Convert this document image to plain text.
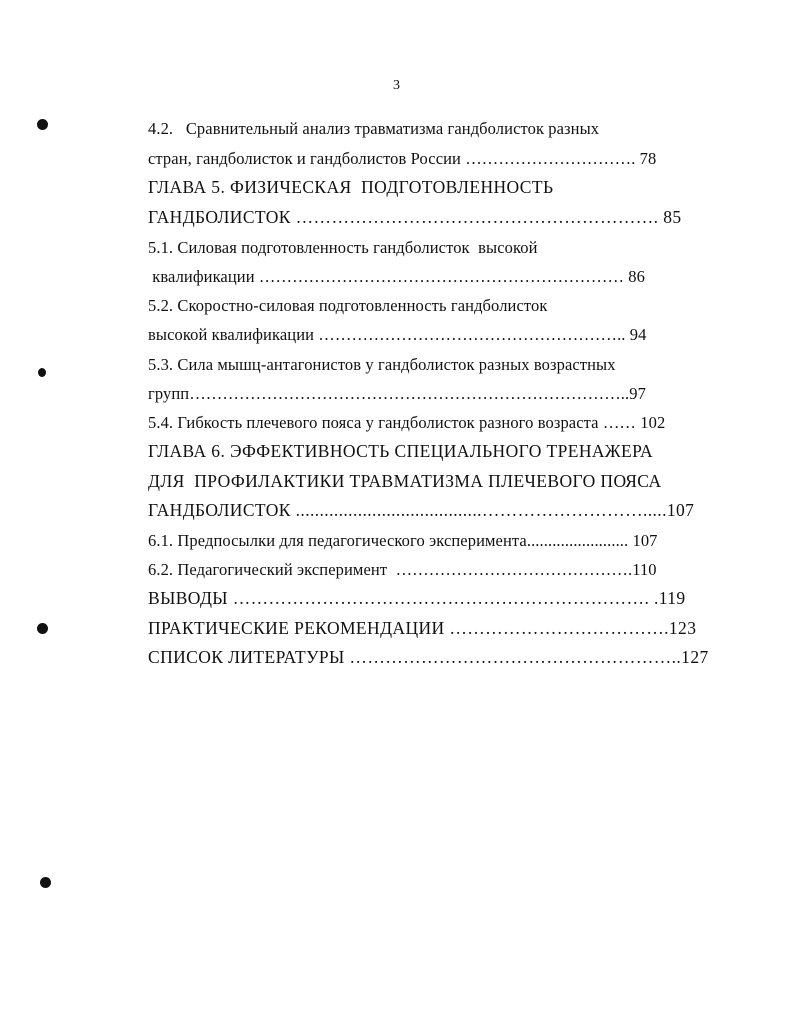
3
4.2.   Сравнительный анализ травматизма гандболисток разных
стран, гандболисток и гандболистов России …………………………. 78
ГЛАВА 5. ФИЗИЧЕСКАЯ  ПОДГОТОВЛЕННОСТЬ
ГАНДБОЛИСТОК ……………………………………………………. 85
5.1. Силовая подготовленность гандболисток  высокой
квалификации ………………………………………………………… 86
5.2. Скоростно-силовая подготовленность гандболисток
высокой квалификации ……………………………………………….. 94
5.3. Сила мышц-антагонистов у гандболисток разных возрастных
групп……………………………………………………………………..97
5.4. Гибкость плечевого пояса у гандболисток разного возраста …… 102
ГЛАВА 6. ЭФФЕКТИВНОСТЬ СПЕЦИАЛЬНОГО ТРЕНАЖЕРА
ДЛЯ  ПРОФИЛАКТИКИ ТРАВМАТИЗМА ПЛЕЧЕВОГО ПОЯСА
ГАНДБОЛИСТОК .......................................……………………….....107
6.1. Предпосылки для педагогического эксперимента........................ 107
6.2. Педагогический эксперимент  …………………………………….110
ВЫВОДЫ ……………………………………………………………. .119
ПРАКТИЧЕСКИЕ РЕКОМЕНДАЦИИ ……………………………….123
СПИСОК ЛИТЕРАТУРЫ ………………………………………………..127
